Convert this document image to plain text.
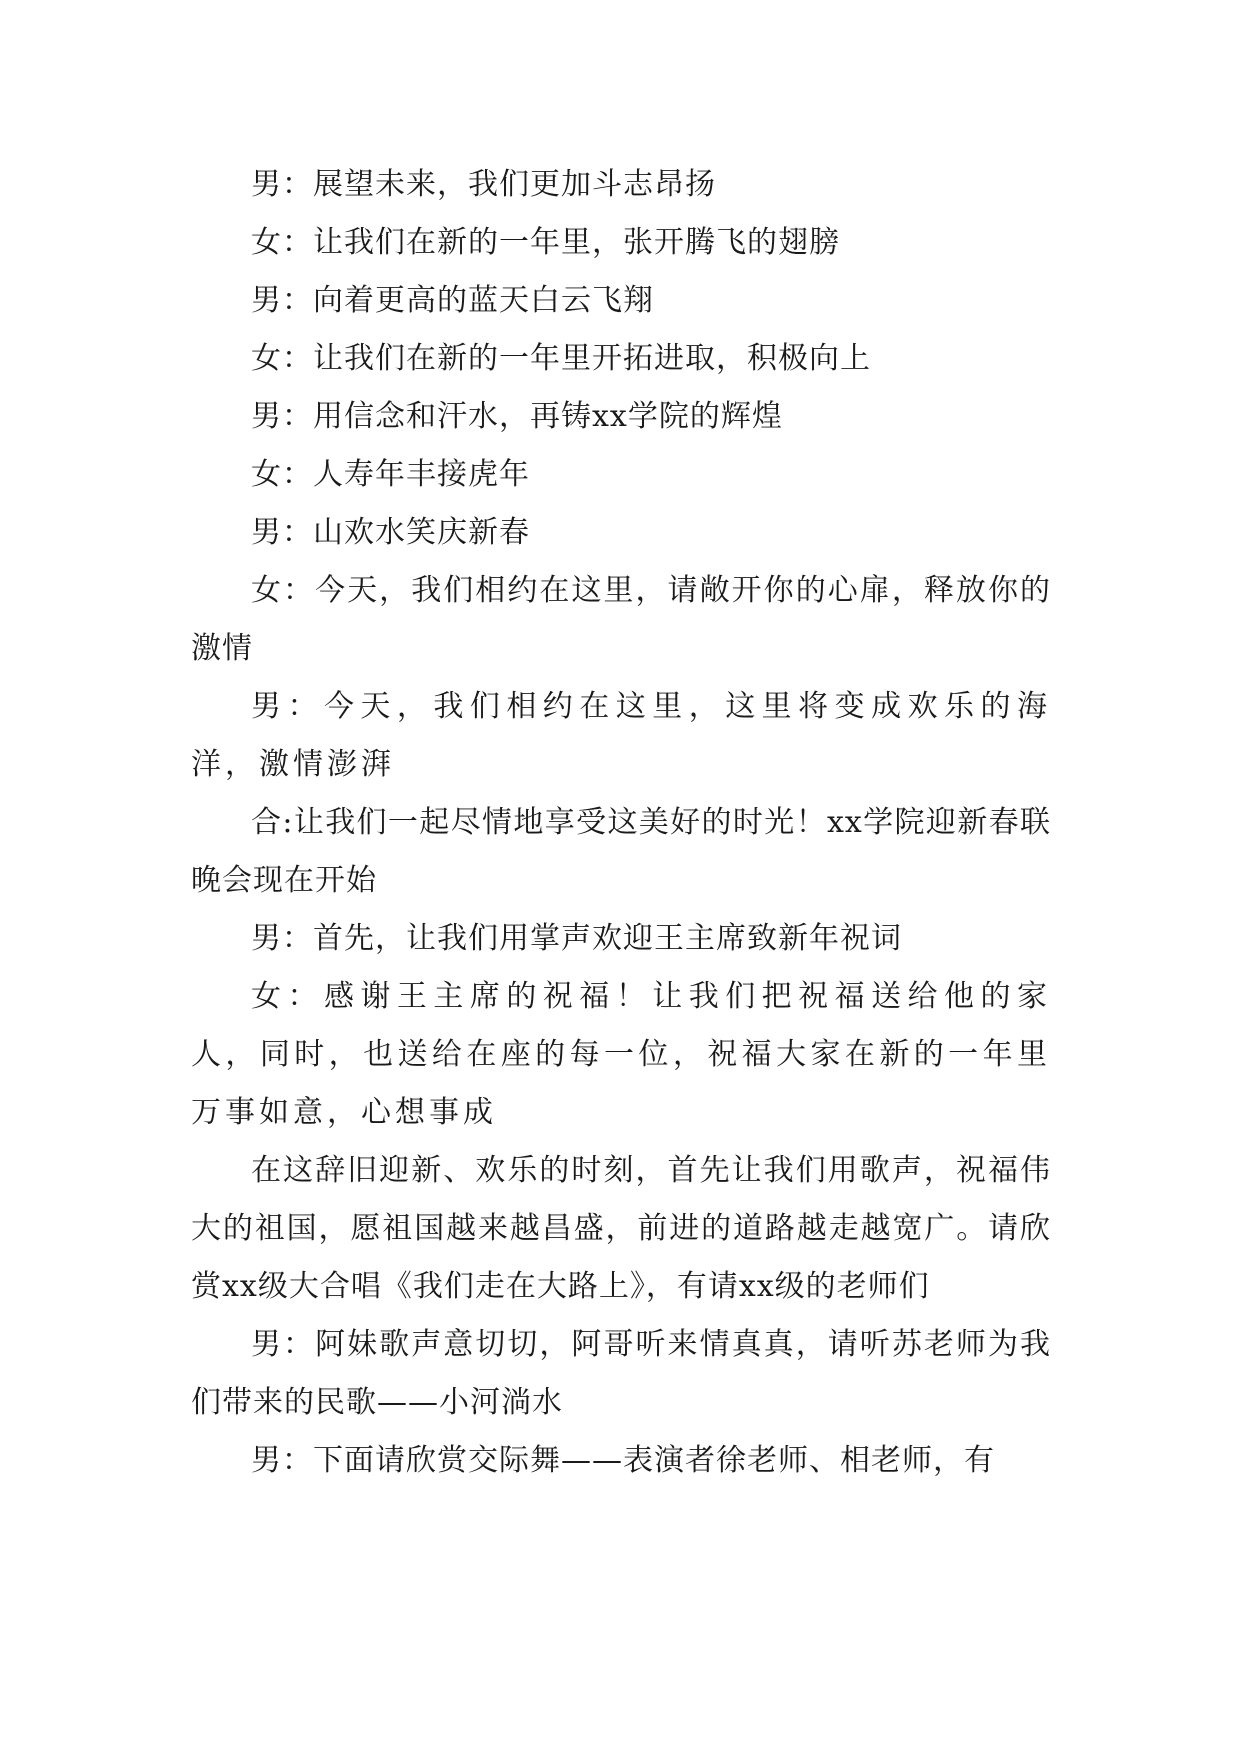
男：展望未来，我们更加斗志昂扬

女：让我们在新的一年里，张开腾飞的翅膀

男：向着更高的蓝天白云飞翔

女：让我们在新的一年里开拓进取，积极向上

男：用信念和汗水，再铸xx学院的辉煌

女：人寿年丰接虎年

男：山欢水笑庆新春

女：今天，我们相约在这里，请敞开你的心扉，释放你的激情

男：今天，我们相约在这里，这里将变成欢乐的海洋，激情澎湃

合:让我们一起尽情地享受这美好的时光！xx学院迎新春联晚会现在开始

男：首先，让我们用掌声欢迎王主席致新年祝词

女：感谢王主席的祝福！让我们把祝福送给他的家人，同时，也送给在座的每一位，祝福大家在新的一年里万事如意，心想事成

在这辞旧迎新、欢乐的时刻，首先让我们用歌声，祝福伟大的祖国，愿祖国越来越昌盛，前进的道路越走越宽广。请欣赏xx级大合唱《我们走在大路上》，有请xx级的老师们

男：阿妹歌声意切切，阿哥听来情真真，请听苏老师为我们带来的民歌——小河淌水

男：下面请欣赏交际舞——表演者徐老师、相老师，有
